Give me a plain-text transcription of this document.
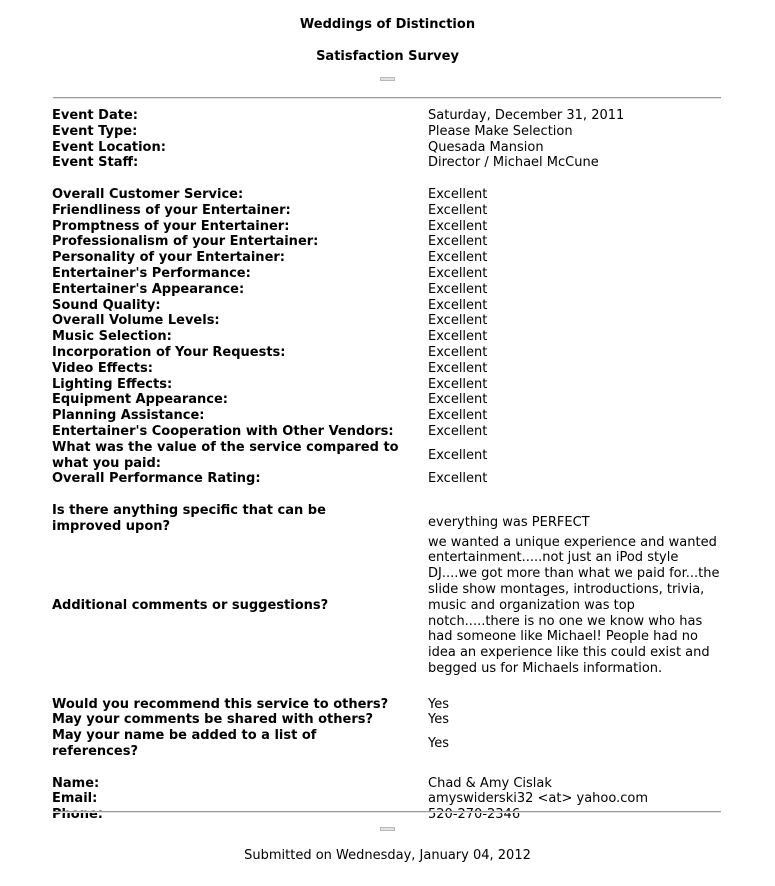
Weddings of Distinction
Satisfaction Survey
Event Date:	Saturday, December 31, 2011
Event Type:	Please Make Selection
Event Location:	Quesada Mansion
Event Staff:	Director / Michael McCune

Overall Customer Service:	Excellent
Friendliness of your Entertainer:	Excellent
Promptness of your Entertainer:	Excellent
Professionalism of your Entertainer:	Excellent
Personality of your Entertainer:	Excellent
Entertainer's Performance:	Excellent
Entertainer's Appearance:	Excellent
Sound Quality:	Excellent
Overall Volume Levels:	Excellent
Music Selection:	Excellent
Incorporation of Your Requests:	Excellent
Video Effects:	Excellent
Lighting Effects:	Excellent
Equipment Appearance:	Excellent
Planning Assistance:	Excellent
Entertainer's Cooperation with Other Vendors:	Excellent
What was the value of the service compared to what you paid:	Excellent
Overall Performance Rating:	Excellent

Is there anything specific that can be improved upon?	everything was PERFECT
Additional comments or suggestions?	we wanted a unique experience and wanted entertainment.....not just an iPod style DJ....we got more than what we paid for...the slide show montages, introductions, trivia, music and organization was top notch.....there is no one we know who has had someone like Michael! People had no idea an experience like this could exist and begged us for Michaels information.

Would you recommend this service to others?	Yes
May your comments be shared with others?	Yes
May your name be added to a list of references?	Yes

Name:	Chad & Amy Cislak
Email:	amyswiderski32 <at> yahoo.com
Phone:	520-270-2346
Submitted on Wednesday, January 04, 2012
